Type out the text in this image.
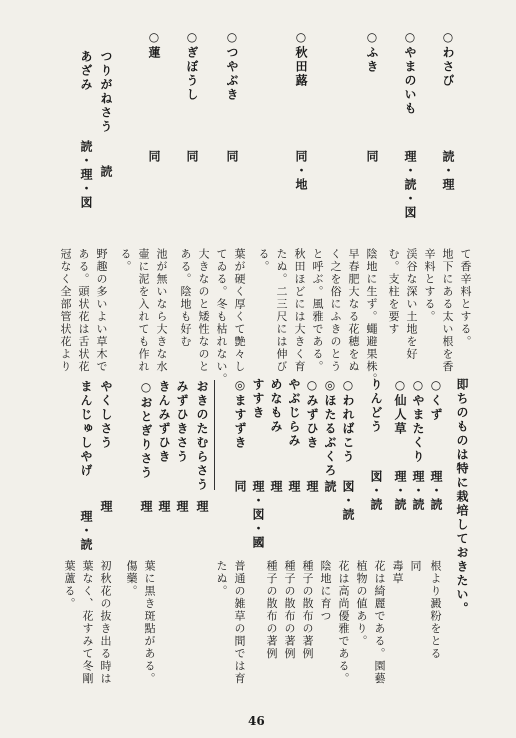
○わさび
読・理
○やまのいも
理・読・図
○ふき
同
○秋田蕗
同・地
○つやぶき
同
○ぎぼうし
同
○蓮
同
つりがねさう
読
あざみ
読・理・図
て香辛料とする。
地下にある太い根を香
辛料とする。
渓谷な深い土地を好
む。支柱を要す
陰地に生ず。蠅避果株。
早春肥大なる花穂をぬ
く之を俗にふきのとう
と呼ぶ。風雅である。
秋田ほどには大きく育
たぬ。二三尺には伸び
る。
葉が硬く厚くて艶々し
てゐる。冬も枯れない。
大きなのと矮性なのと
ある。陰地も好む
池が無いなら大きな水
壷に泥を入れても作れ
る。
野趣の多いよい草木で
ある。頭状花は舌状花
冠なく全部管状花より
即ちのものは特に栽培しておきたい。
○くず
理・読
○やまたくり
理・読
○仙人草
理・読
りんどう
図・読
○わればこう
図・読
◎ほたるぶくろ
読
○みずひき
理
やぶじらみ
理
めなもみ
理
すすき
理・図・國
◎ますずき
同
おきのたむらさう
理
みずひきさう
理
きんみずひき
理
○おとぎりさう
理
やくしさう
理
まんじゅしやげ
理・読
根より澱粉をとる
同
毒草
花は綺麗である。園藝
植物の値あり。
花は高尚優雅である。
陰地に育つ
種子の散布の著例
種子の散布の著例
種子の散布の著例
普通の雑草の間では育
たぬ。
葉に黒き斑點がある。
傷藥。
初秋花の抜き出る時は
葉なく、花すみて冬剛
葉蘆る。
46
